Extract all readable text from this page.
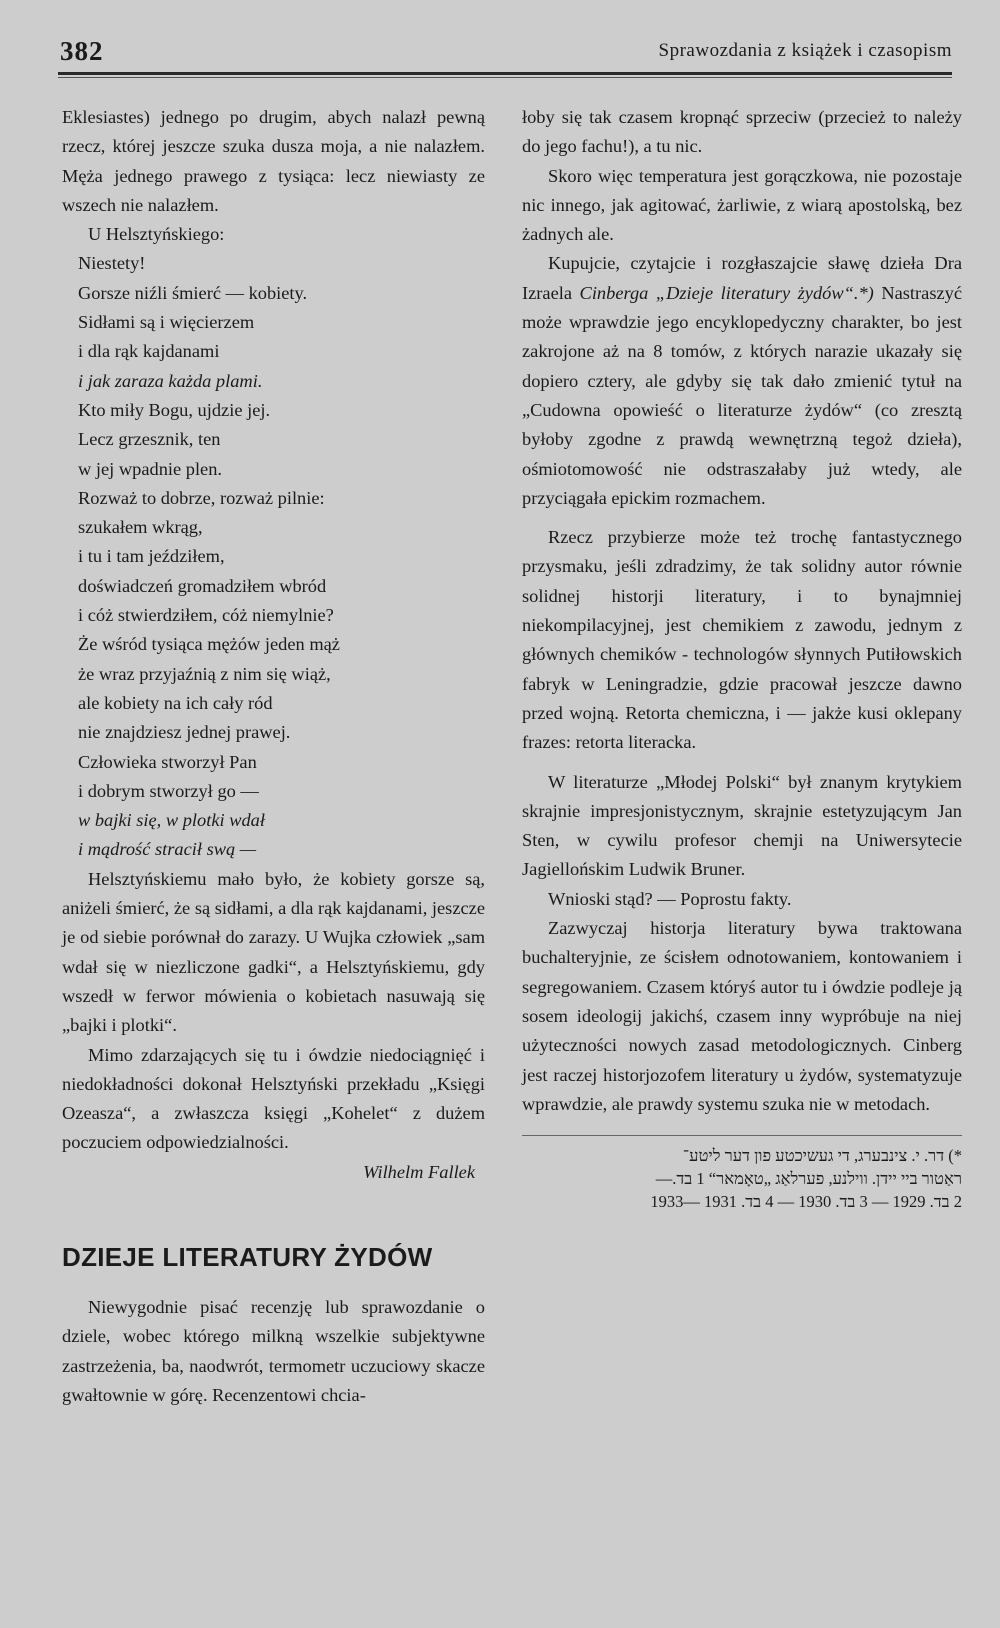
382	Sprawozdania z książek i czasopism

Eklesiastes) jednego po drugim, abych nalazł pewną rzecz, której jeszcze szuka dusza moja, a nie nalazłem. Męża jednego prawego z tysiąca: lecz niewiasty ze wszech nie nalazłem.

U Helsztyńskiego:

Niestety!

Gorsze niźli śmierć — kobiety.

Sidłami są i więcierzem

i dla rąk kajdanami

i jak zaraza każda plami.

Kto miły Bogu, ujdzie jej.

Lecz grzesznik, ten

w jej wpadnie plen.

Rozważ to dobrze, rozważ pilnie:

szukałem wkrąg,

i tu i tam jeździłem,

doświadczeń gromadziłem wbród

i cóż stwierdziłem, cóż niemylnie?

Że wśród tysiąca mężów jeden mąż

że wraz przyjaźnią z nim się wiąż,

ale kobiety na ich cały ród

nie znajdziesz jednej prawej.

Człowieka stworzył Pan

i dobrym stworzył go —

w bajki się, w plotki wdał

i mądrość stracił swą —

Helsztyńskiemu mało było, że kobiety gorsze są, aniżeli śmierć, że są sidłami, a dla rąk kajdanami, jeszcze je od siebie porównał do zarazy. U Wujka człowiek „sam wdał się w niezliczone gadki“, a Helsztyńskiemu, gdy wszedł w ferwor mówienia o kobietach nasuwają się „bajki i plotki“.

Mimo zdarzających się tu i ówdzie niedociągnięć i niedokładności dokonał Helsztyński przekładu „Księgi Ozeasza“, a zwłaszcza księgi „Kohelet“ z dużem poczuciem odpowiedzialności.

Wilhelm Fallek

DZIEJE LITERATURY ŻYDÓW

Niewygodnie pisać recenzję lub sprawozdanie o dziele, wobec którego milkną wszelkie subjektywne zastrzeżenia, ba, naodwrót, termometr uczuciowy skacze gwałtownie w górę. Recenzentowi chcia-

łoby się tak czasem kropnąć sprzeciw (przecież to należy do jego fachu!), a tu nic.

Skoro więc temperatura jest gorączkowa, nie pozostaje nic innego, jak agitować, żarliwie, z wiarą apostolską, bez żadnych ale.

Kupujcie, czytajcie i rozgłaszajcie sławę dzieła Dra Izraela Cinberga „Dzieje literatury żydów“.*) Nastraszyć może wprawdzie jego encyklopedyczny charakter, bo jest zakrojone aż na 8 tomów, z których narazie ukazały się dopiero cztery, ale gdyby się tak dało zmienić tytuł na „Cudowna opowieść o literaturze żydów“ (co zresztą byłoby zgodne z prawdą wewnętrzną tegoż dzieła), ośmiotomowość nie odstraszałaby już wtedy, ale przyciągała epickim rozmachem.

Rzecz przybierze może też trochę fantastycznego przysmaku, jeśli zdradzimy, że tak solidny autor równie solidnej historji literatury, i to bynajmniej niekompilacyjnej, jest chemikiem z zawodu, jednym z głównych chemików - technologów słynnych Putiłowskich fabryk w Leningradzie, gdzie pracował jeszcze dawno przed wojną. Retorta chemiczna, i — jakże kusi oklepany frazes: retorta literacka.

W literaturze „Młodej Polski“ był znanym krytykiem skrajnie impresjonistycznym, skrajnie estetyzującym Jan Sten, w cywilu profesor chemji na Uniwersytecie Jagiellońskim Ludwik Bruner.

Wnioski stąd? — Poprostu fakty.

Zazwyczaj historja literatury bywa traktowana buchalteryjnie, ze ścisłem odnotowaniem, kontowaniem i segregowaniem. Czasem któryś autor tu i ówdzie podleje ją sosem ideologij jakichś, czasem inny wypróbuje na niej użyteczności nowych zasad metodologicznych. Cinberg jest raczej historjozofem literatury u żydów, systematyzuje wprawdzie, ale prawdy systemu szuka nie w metodach.

*) דר. י. צינבערג, די געשיכטע פון דער ליטע־

ראַטור ביי יידן. ווילנע, פערלאַג „טאָמאר“ 1 בד.—

2 בד. 1929 — 3 בד. 1930 — 4 בד. 1931 —1933
